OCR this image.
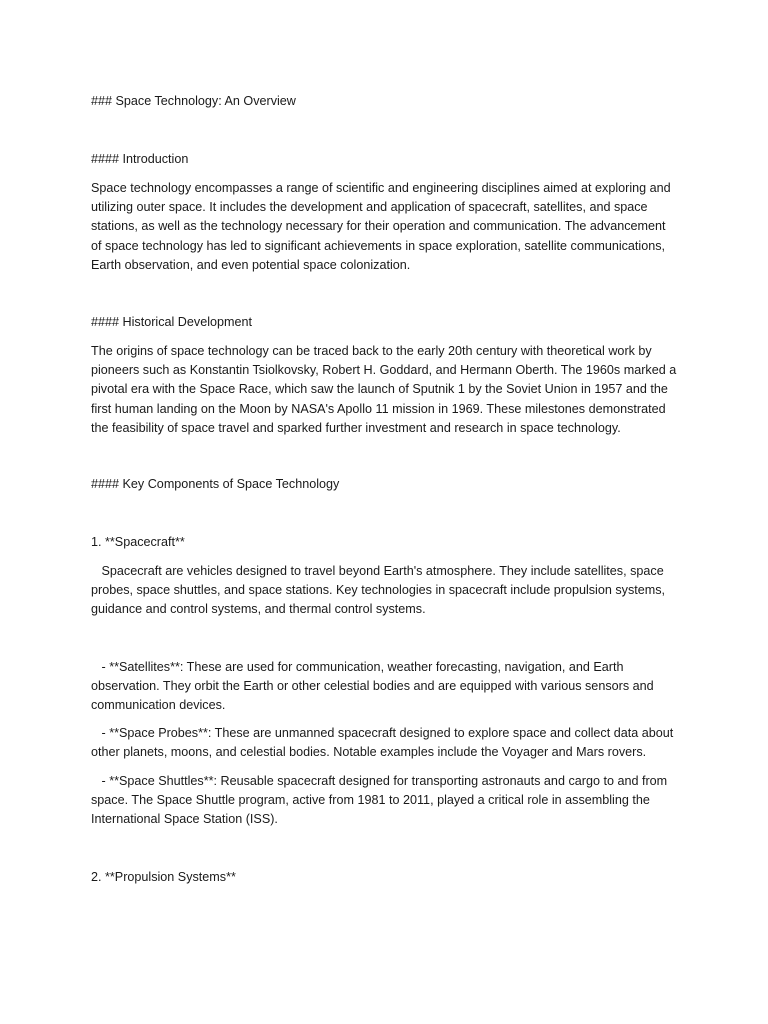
### Space Technology: An Overview

#### Introduction

Space technology encompasses a range of scientific and engineering disciplines aimed at exploring and
utilizing outer space. It includes the development and application of spacecraft, satellites, and space
stations, as well as the technology necessary for their operation and communication. The advancement
of space technology has led to significant achievements in space exploration, satellite communications,
Earth observation, and even potential space colonization.

#### Historical Development

The origins of space technology can be traced back to the early 20th century with theoretical work by
pioneers such as Konstantin Tsiolkovsky, Robert H. Goddard, and Hermann Oberth. The 1960s marked a
pivotal era with the Space Race, which saw the launch of Sputnik 1 by the Soviet Union in 1957 and the
first human landing on the Moon by NASA's Apollo 11 mission in 1969. These milestones demonstrated
the feasibility of space travel and sparked further investment and research in space technology.

#### Key Components of Space Technology

1. **Spacecraft**

Spacecraft are vehicles designed to travel beyond Earth's atmosphere. They include satellites, space
probes, space shuttles, and space stations. Key technologies in spacecraft include propulsion systems,
guidance and control systems, and thermal control systems.
- **Satellites**: These are used for communication, weather forecasting, navigation, and Earth
observation. They orbit the Earth or other celestial bodies and are equipped with various sensors and
communication devices.
- **Space Probes**: These are unmanned spacecraft designed to explore space and collect data about
other planets, moons, and celestial bodies. Notable examples include the Voyager and Mars rovers.
- **Space Shuttles**: Reusable spacecraft designed for transporting astronauts and cargo to and from
space. The Space Shuttle program, active from 1981 to 2011, played a critical role in assembling the
International Space Station (ISS).

2. **Propulsion Systems**
